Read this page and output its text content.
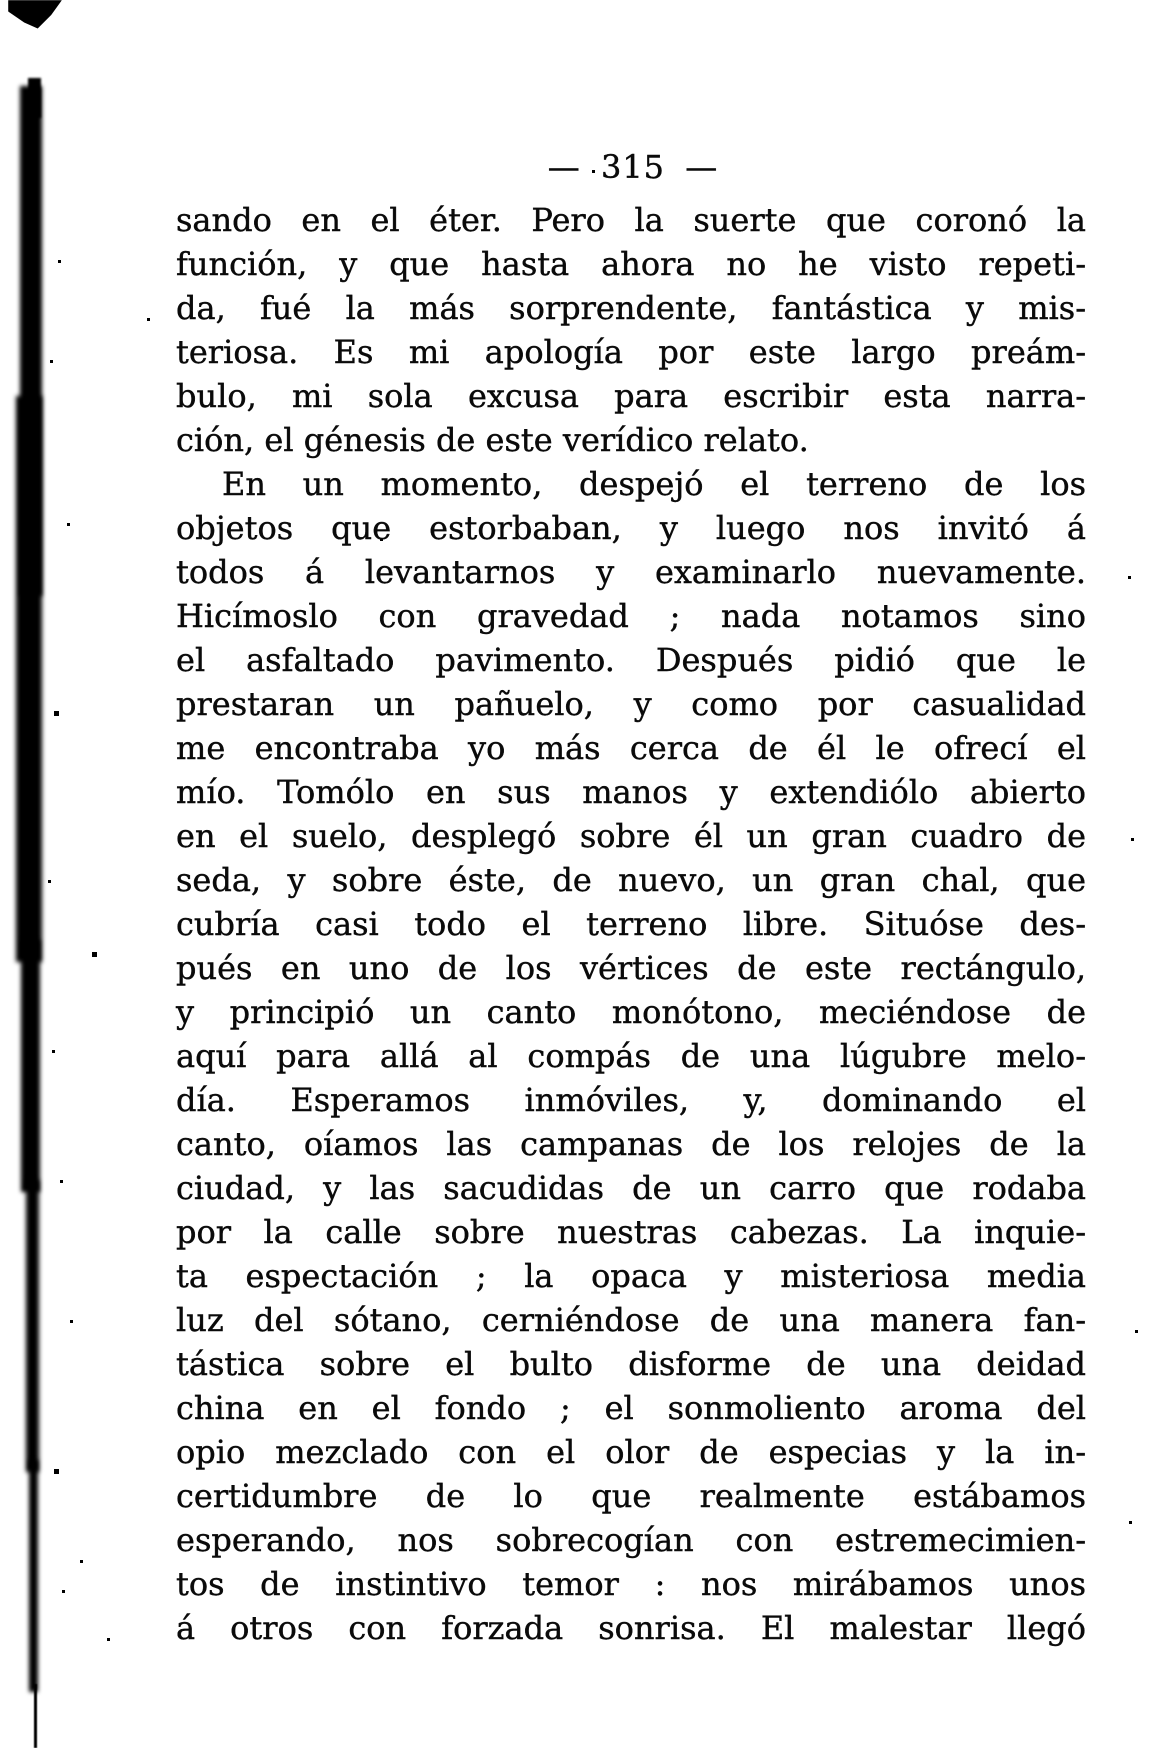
— 315 —
sando en el éter. Pero la suerte que coronó la
función, y que hasta ahora no he visto repeti-
da, fué la más sorprendente, fantástica y mis-
teriosa. Es mi apología por este largo preám-
bulo, mi sola excusa para escribir esta narra-
ción, el génesis de este verídico relato.
En un momento, despejó el terreno de los
objetos que estorbaban, y luego nos invitó á
todos á levantarnos y examinarlo nuevamente.
Hicímoslo con gravedad ; nada notamos sino
el asfaltado pavimento. Después pidió que le
prestaran un pañuelo, y como por casualidad
me encontraba yo más cerca de él le ofrecí el
mío. Tomólo en sus manos y extendiólo abierto
en el suelo, desplegó sobre él un gran cuadro de
seda, y sobre éste, de nuevo, un gran chal, que
cubría casi todo el terreno libre. Situóse des-
pués en uno de los vértices de este rectángulo,
y principió un canto monótono, meciéndose de
aquí para allá al compás de una lúgubre melo-
día. Esperamos inmóviles, y, dominando el
canto, oíamos las campanas de los relojes de la
ciudad, y las sacudidas de un carro que rodaba
por la calle sobre nuestras cabezas. La inquie-
ta espectación ; la opaca y misteriosa media
luz del sótano, cerniéndose de una manera fan-
tástica sobre el bulto disforme de una deidad
china en el fondo ; el sonmoliento aroma del
opio mezclado con el olor de especias y la in-
certidumbre de lo que realmente estábamos
esperando, nos sobrecogían con estremecimien-
tos de instintivo temor : nos mirábamos unos
á otros con forzada sonrisa. El malestar llegó
